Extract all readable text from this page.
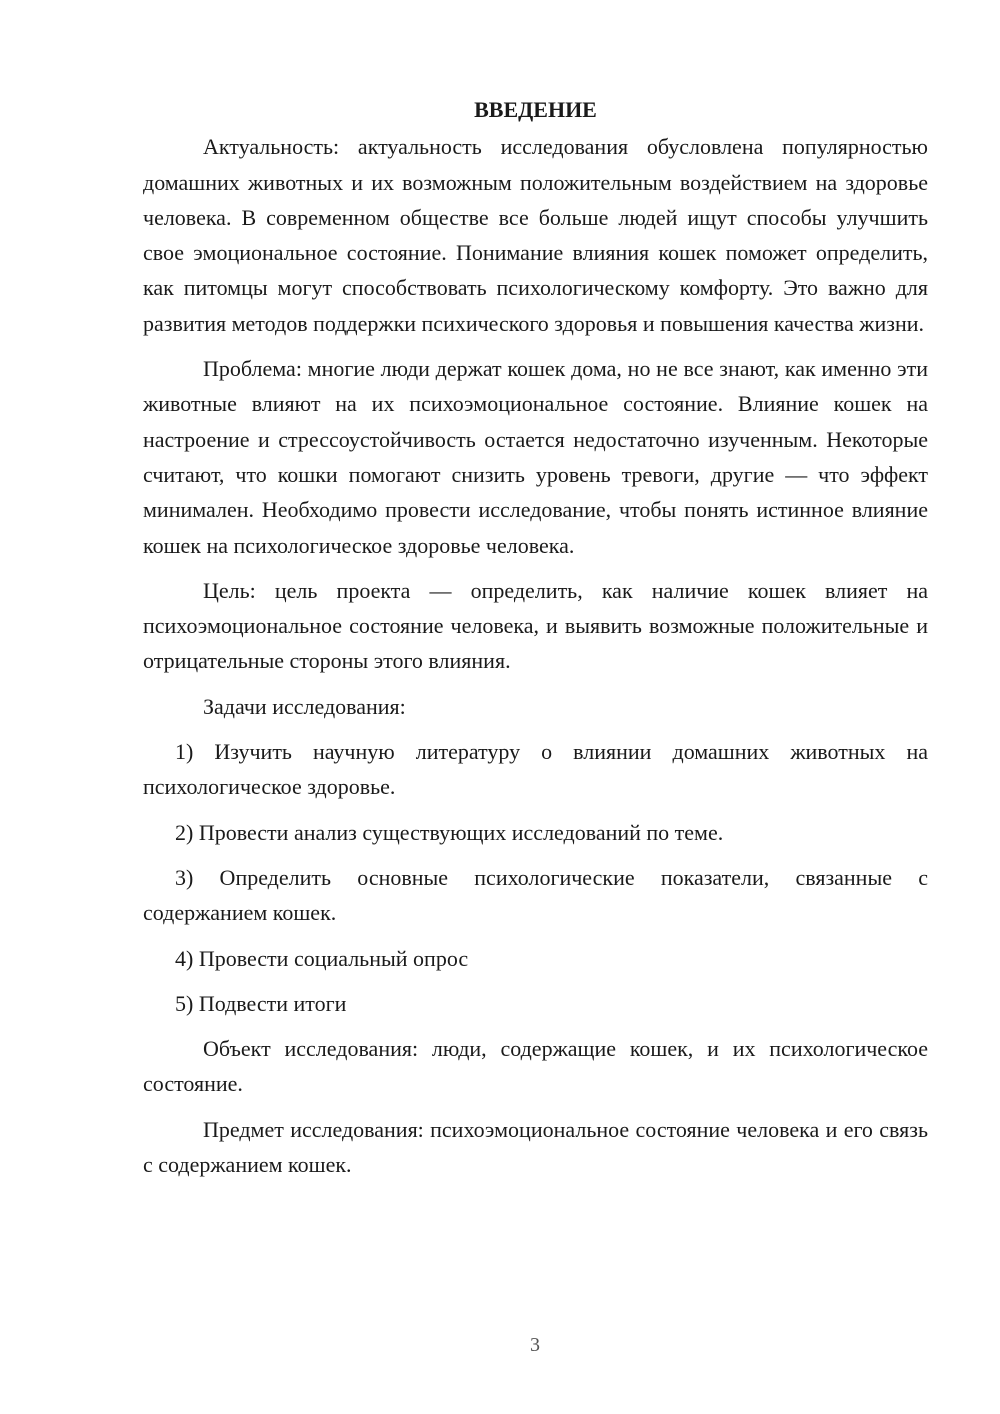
ВВЕДЕНИЕ

Актуальность: актуальность исследования обусловлена популярностью домашних животных и их возможным положительным воздействием на здоровье человека. В современном обществе все больше людей ищут способы улучшить свое эмоциональное состояние. Понимание влияния кошек поможет определить, как питомцы могут способствовать психологическому комфорту. Это важно для развития методов поддержки психического здоровья и повышения качества жизни.

Проблема: многие люди держат кошек дома, но не все знают, как именно эти животные влияют на их психоэмоциональное состояние. Влияние кошек на настроение и стрессоустойчивость остается недостаточно изученным. Некоторые считают, что кошки помогают снизить уровень тревоги, другие — что эффект минимален. Необходимо провести исследование, чтобы понять истинное влияние кошек на психологическое здоровье человека.

Цель: цель проекта — определить, как наличие кошек влияет на психоэмоциональное состояние человека, и выявить возможные положительные и отрицательные стороны этого влияния.

Задачи исследования:

1) Изучить научную литературу о влиянии домашних животных на психологическое здоровье.

2) Провести анализ существующих исследований по теме.

3) Определить основные психологические показатели, связанные с содержанием кошек.

4) Провести социальный опрос

5) Подвести итоги

Объект исследования: люди, содержащие кошек, и их психологическое состояние.

Предмет исследования: психоэмоциональное состояние человека и его связь с содержанием кошек.

3
